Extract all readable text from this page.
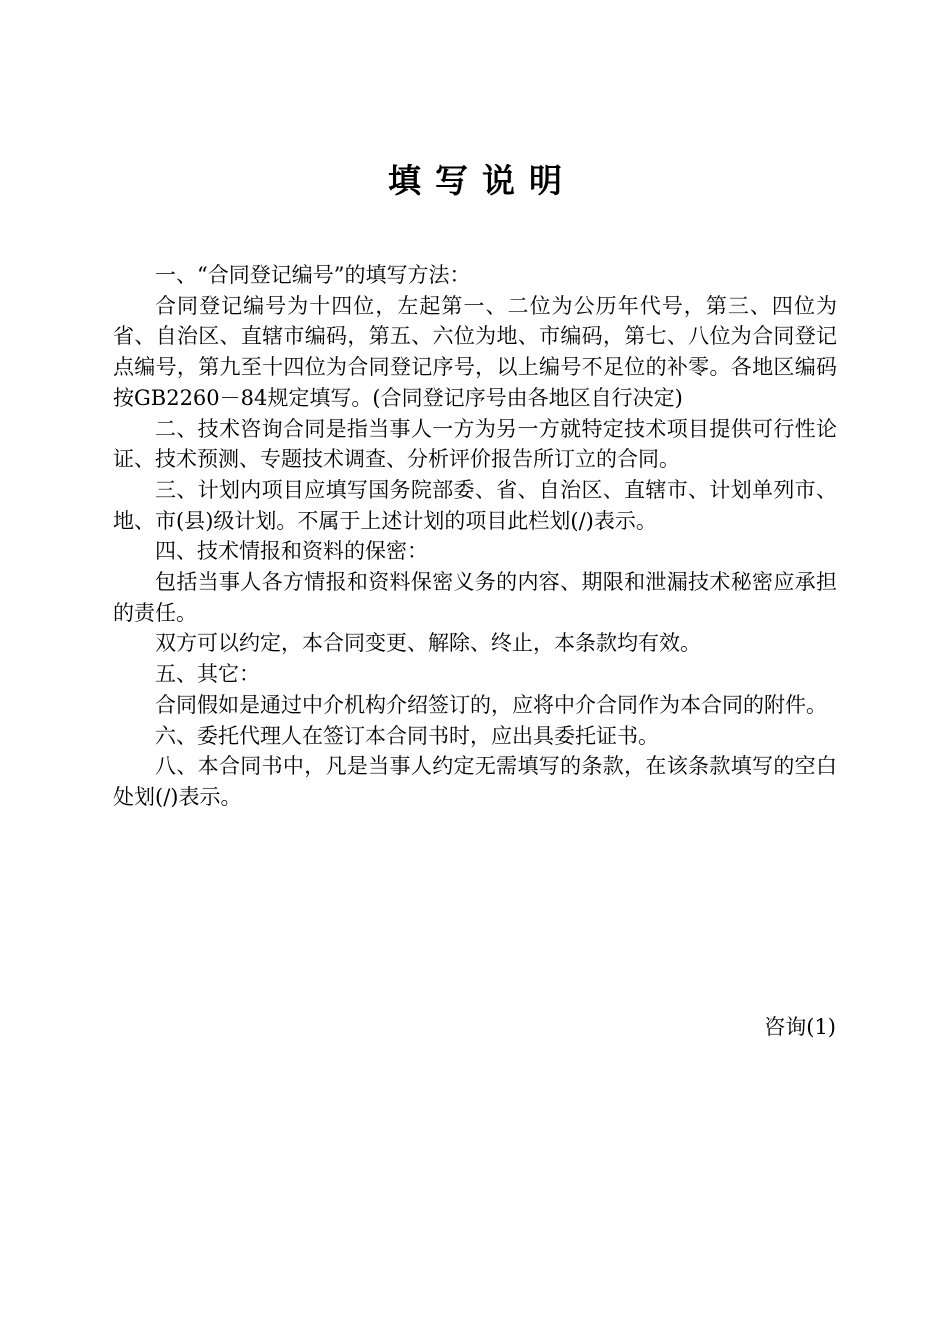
填写说明

一、“合同登记编号”的填写方法：

合同登记编号为十四位，左起第一、二位为公历年代号，第三、四位为省、自治区、直辖市编码，第五、六位为地、市编码，第七、八位为合同登记点编号，第九至十四位为合同登记序号，以上编号不足位的补零。各地区编码按GB2260－84规定填写。(合同登记序号由各地区自行决定)

二、技术咨询合同是指当事人一方为另一方就特定技术项目提供可行性论证、技术预测、专题技术调查、分析评价报告所订立的合同。

三、计划内项目应填写国务院部委、省、自治区、直辖市、计划单列市、地、市(县)级计划。不属于上述计划的项目此栏划(/)表示。

四、技术情报和资料的保密：

包括当事人各方情报和资料保密义务的内容、期限和泄漏技术秘密应承担的责任。

双方可以约定，本合同变更、解除、终止，本条款均有效。

五、其它：

合同假如是通过中介机构介绍签订的，应将中介合同作为本合同的附件。

六、委托代理人在签订本合同书时，应出具委托证书。

八、本合同书中，凡是当事人约定无需填写的条款，在该条款填写的空白处划(/)表示。

咨询(1)
